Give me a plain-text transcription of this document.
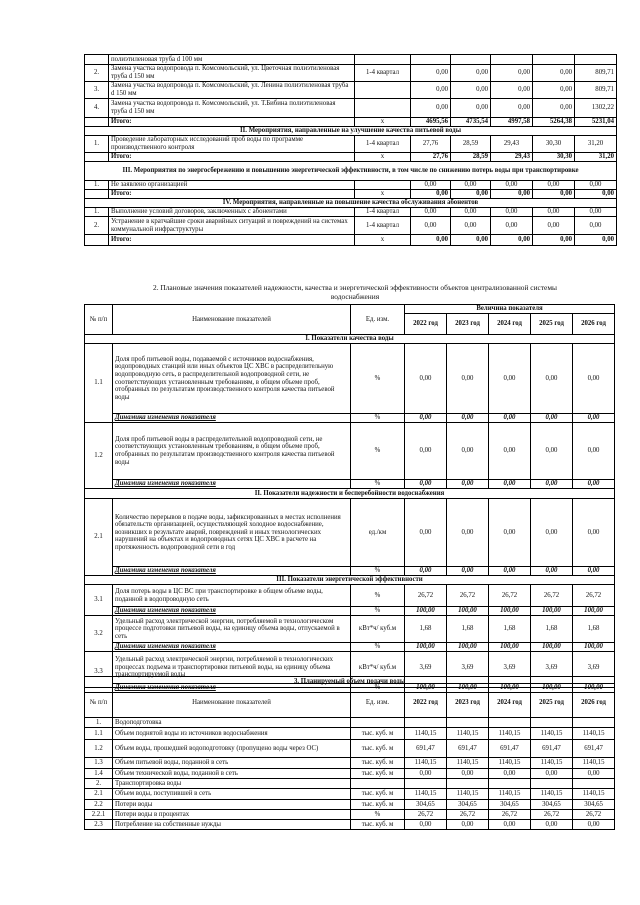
	полиэтиленовая труба d 100 мм						
2.	Замена участка водопровода п. Комсомольский, ул. Цветочная полиэтиленовая труба d 150 мм	1-4 квартал	0,00	0,00	0,00	0,00	809,71
3.	Замена участка водопровода п. Комсомольский, ул. Ленина полиэтиленовая труба d 150 мм		0,00	0,00	0,00	0,00	809,71
4.	Замена участка водопровода п. Комсомольский, ул. Т.Бибина полиэтиленовая труба d 150 мм		0,00	0,00	0,00	0,00	1302,22
	Итого:	х	4695,56	4735,54	4997,58	5264,38	5231,04
II. Мероприятия, направленные на улучшение качества питьевой воды							
1.	Проведение лабораторных исследований проб воды по программе производственного контроля	1-4 квартал	27,76	28,59	29,43	30,30	31,20
	Итого:	х	27,76	28,59	29,43	30,30	31,20
III. Мероприятия по энергосбережению и повышению энергетической эффективности, в том числе по снижению потерь воды при транспортировке							
1.	Не заявлено организацией		0,00	0,00	0,00	0,00	0,00
	Итого:	х	0,00	0,00	0,00	0,00	0,00
IV. Мероприятия, направленные на повышение качества обслуживания абонентов							
1.	Выполнение условий договоров, заключенных с абонентами	1-4 квартал	0,00	0,00	0,00	0,00	0,00
2.	Устранение в кратчайшие сроки аварийных ситуаций и повреждений на системах коммунальной инфраструктуры	1-4 квартал	0,00	0,00	0,00	0,00	0,00
	Итого:	х	0,00	0,00	0,00	0,00	0,00
2. Плановые значения показателей надежности, качества и энергетической эффективности объектов централизованной системы водоснабжения
№ п/п	Наименование показателей	Ед. изм.	Величина показателя				
			2022 год	2023 год	2024 год	2025 год	2026 год
I. Показатели качества воды							
1.1	Доля проб питьевой воды, подаваемой с источников водоснабжения, водопроводных станций или иных объектов ЦС ХВС в распределительную водопроводную сеть, в распределительной водопроводной сети, не соответствующих установленным требованиям, в общем объеме проб, отобранных по результатам производственного контроля качества питьевой воды	%	0,00	0,00	0,00	0,00	0,00
	Динамика изменения показателя	%	0,00	0,00	0,00	0,00	0,00
1.2	Доля проб питьевой воды в распределительной водопроводной сети, не соответствующих установленным требованиям, в общем объеме проб, отобранных по результатам производственного контроля качества питьевой воды	%	0,00	0,00	0,00	0,00	0,00
	Динамика изменения показателя	%	0,00	0,00	0,00	0,00	0,00
II. Показатели надежности и бесперебойности водоснабжения							
2.1	Количество перерывов в подаче воды, зафиксированных в местах исполнения обязательств организацией, осуществляющей холодное водоснабжение, возникших в результате аварий, повреждений и иных технологических нарушений на объектах и водопроводных сетях ЦС ХВС в расчете на протяженность водопроводной сети в год	ед./км	0,00	0,00	0,00	0,00	0,00
	Динамика изменения показателя	%	0,00	0,00	0,00	0,00	0,00
III. Показатели энергетической эффективности							
3.1	Доля потерь воды в ЦС ВС при транспортировке в общем объеме воды, поданной в водопроводную сеть	%	26,72	26,72	26,72	26,72	26,72
	Динамика изменения показателя	%	100,00	100,00	100,00	100,00	100,00
3.2	Удельный расход электрической энергии, потребляемой в технологическом процессе подготовки питьевой воды, на единицу объема воды, отпускаемой в сеть	кВт*ч/ куб.м	1,68	1,68	1,68	1,68	1,68
	Динамика изменения показателя	%	100,00	100,00	100,00	100,00	100,00
3.3	Удельный расход электрической энергии, потребляемой в технологических процессах подъема и транспортировки питьевой воды, на единицу объема транспортируемой воды	кВт*ч/ куб.м	3,69	3,69	3,69	3,69	3,69
	Динамика изменения показателя	%	100,00	100,00	100,00	100,00	100,00
3. Планируемый объем подачи воды							
№ п/п	Наименование показателей	Ед. изм.	2022 год	2023 год	2024 год	2025 год	2026 год
1.	Водоподготовка						
1.1	Объем поднятой воды из источников водоснабжения	тыс. куб. м	1140,15	1140,15	1140,15	1140,15	1140,15
1.2	Объем воды, прошедшей водоподготовку (пропущено воды через ОС)	тыс. куб. м	691,47	691,47	691,47	691,47	691,47
1.3	Объем питьевой воды, поданной в сеть	тыс. куб. м	1140,15	1140,15	1140,15	1140,15	1140,15
1.4	Объем технической воды, поданной в сеть	тыс. куб. м	0,00	0,00	0,00	0,00	0,00
2.	Транспортировка воды						
2.1	Объем воды, поступившей в сеть	тыс. куб. м	1140,15	1140,15	1140,15	1140,15	1140,15
2.2	Потери воды	тыс. куб. м	304,65	304,65	304,65	304,65	304,65
2.2.1	Потери воды в процентах	%	26,72	26,72	26,72	26,72	26,72
2.3	Потребление на собственные нужды	тыс. куб. м	0,00	0,00	0,00	0,00	0,00
